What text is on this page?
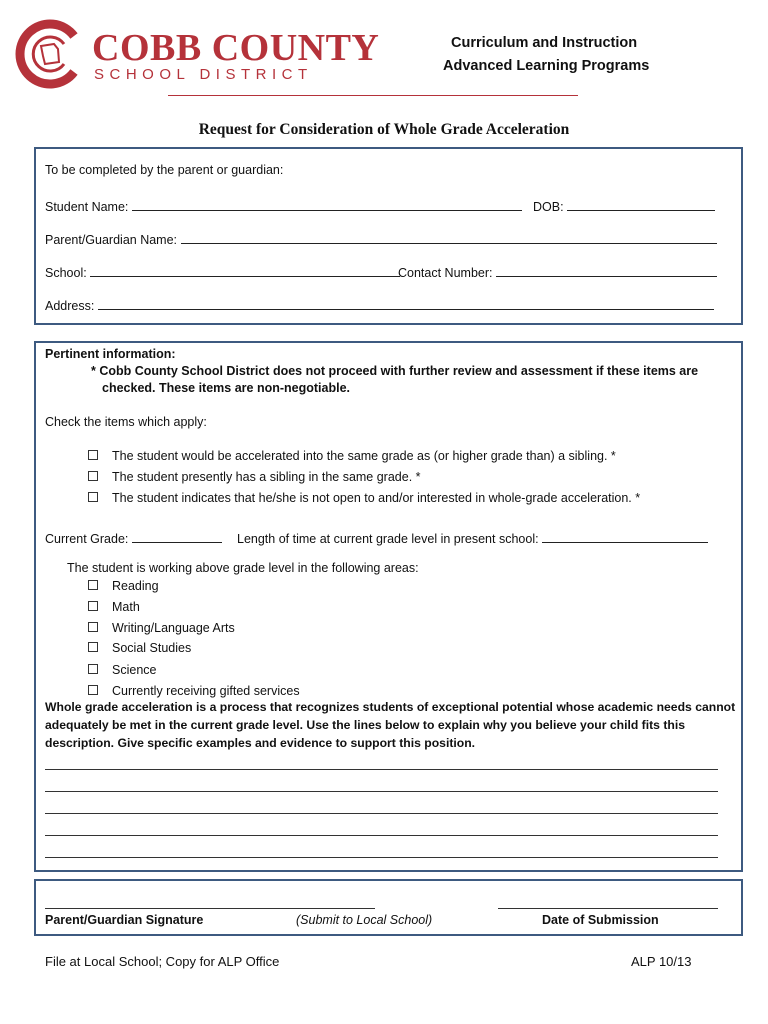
COBB COUNTY
SCHOOL DISTRICT
Curriculum and Instruction
Advanced Learning Programs
Request for Consideration of Whole Grade Acceleration
To be completed by the parent or guardian:
Student Name:	DOB:
Parent/Guardian Name:
School:	Contact Number:
Address:
Pertinent information:
* Cobb County School District does not proceed with further review and assessment if these items are
checked. These items are non-negotiable.
Check the items which apply:
The student would be accelerated into the same grade as (or higher grade than) a sibling. *
The student presently has a sibling in the same grade. *
The student indicates that he/she is not open to and/or interested in whole-grade acceleration. *
Current Grade:	Length of time at current grade level in present school:
The student is working above grade level in the following areas:
Reading
Math
Writing/Language Arts
Social Studies
Science
Currently receiving gifted services
Whole grade acceleration is a process that recognizes students of exceptional potential whose academic needs cannot
adequately be met in the current grade level. Use the lines below to explain why you believe your child fits this
description. Give specific examples and evidence to support this position.
Parent/Guardian Signature	(Submit to Local School)	Date of Submission
File at Local School; Copy for ALP Office	ALP 10/13
